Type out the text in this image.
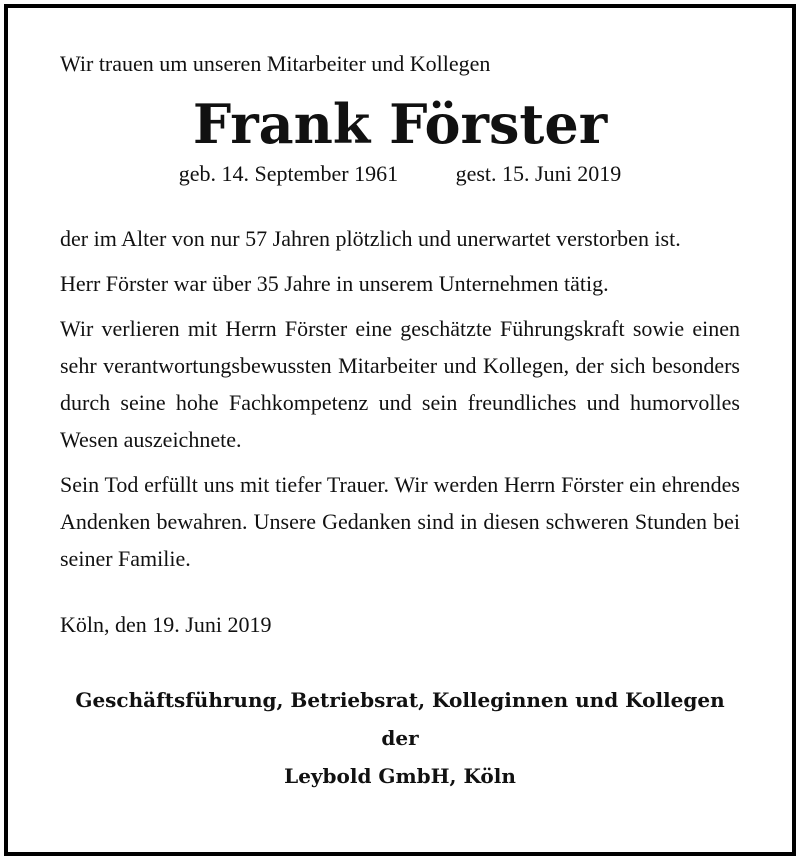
Wir trauen um unseren Mitarbeiter und Kollegen

Frank Förster
geb. 14. September 1961	gest. 15. Juni 2019

der im Alter von nur 57 Jahren plötzlich und unerwartet verstorben ist.

Herr Förster war über 35 Jahre in unserem Unternehmen tätig.

Wir verlieren mit Herrn Förster eine geschätzte Führungskraft sowie einen sehr verantwortungsbewussten Mitarbeiter und Kollegen, der sich besonders durch seine hohe Fachkompetenz und sein freundliches und humorvolles Wesen auszeichnete.

Sein Tod erfüllt uns mit tiefer Trauer. Wir werden Herrn Förster ein ehrendes Andenken bewahren. Unsere Gedanken sind in diesen schweren Stunden bei seiner Familie.

Köln, den 19. Juni 2019
Geschäftsführung, Betriebsrat, Kolleginnen und Kollegen der
Leybold GmbH, Köln
